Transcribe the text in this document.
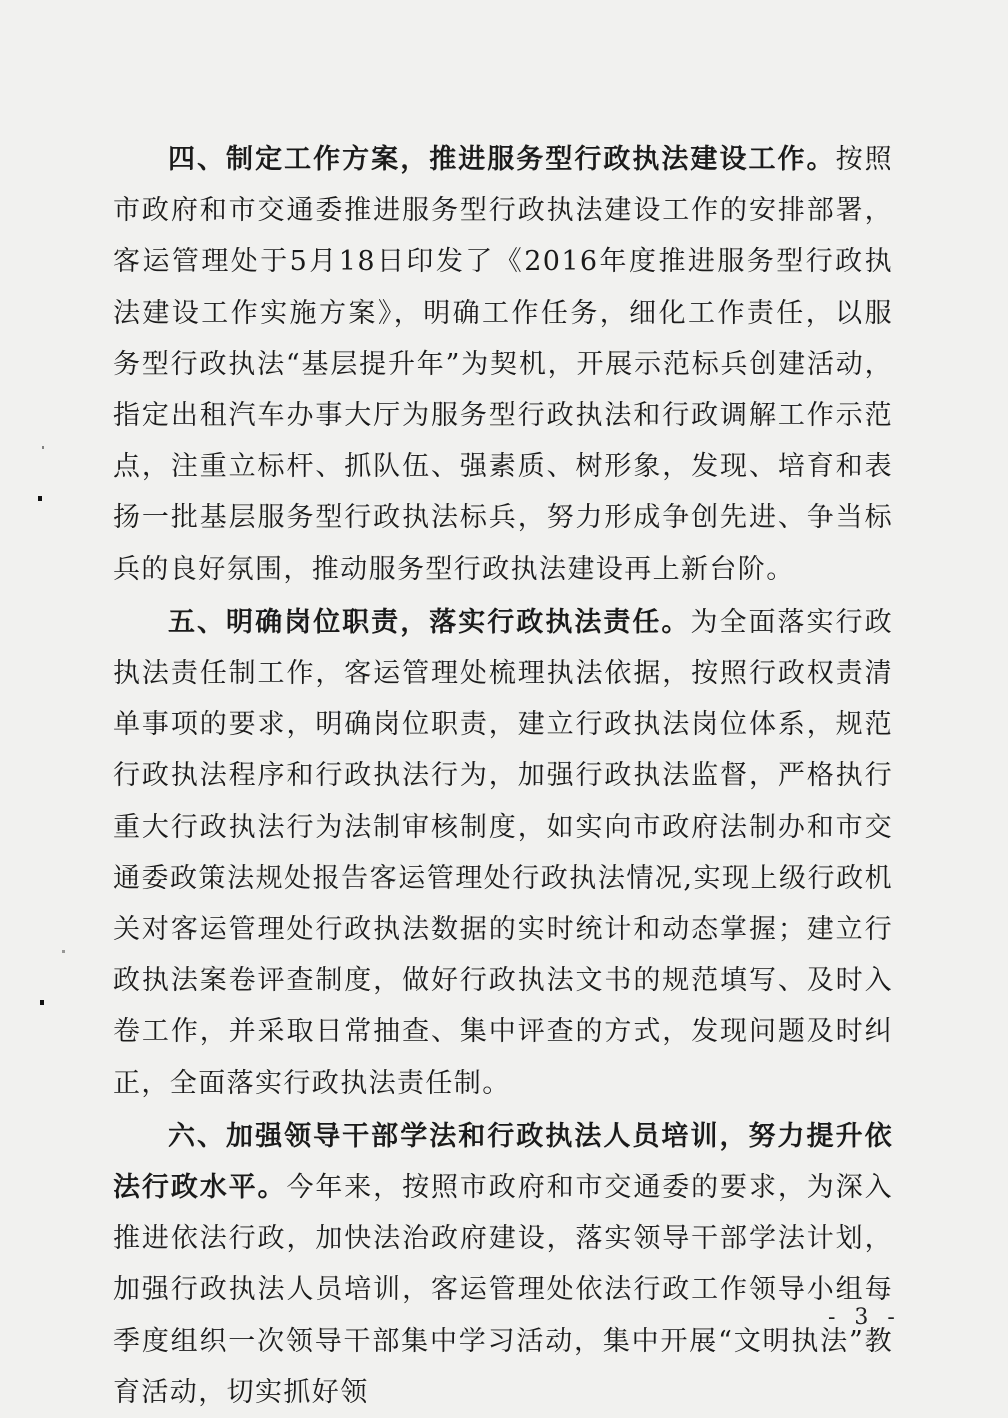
四、制定工作方案，推进服务型行政执法建设工作。按照市政府和市交通委推进服务型行政执法建设工作的安排部署，客运管理处于5月18日印发了《2016年度推进服务型行政执法建设工作实施方案》，明确工作任务，细化工作责任，以服务型行政执法“基层提升年”为契机，开展示范标兵创建活动，指定出租汽车办事大厅为服务型行政执法和行政调解工作示范点，注重立标杆、抓队伍、强素质、树形象，发现、培育和表扬一批基层服务型行政执法标兵，努力形成争创先进、争当标兵的良好氛围，推动服务型行政执法建设再上新台阶。

五、明确岗位职责，落实行政执法责任。为全面落实行政执法责任制工作，客运管理处梳理执法依据，按照行政权责清单事项的要求，明确岗位职责，建立行政执法岗位体系，规范行政执法程序和行政执法行为，加强行政执法监督，严格执行重大行政执法行为法制审核制度，如实向市政府法制办和市交通委政策法规处报告客运管理处行政执法情况,实现上级行政机关对客运管理处行政执法数据的实时统计和动态掌握；建立行政执法案卷评查制度，做好行政执法文书的规范填写、及时入卷工作，并采取日常抽查、集中评查的方式，发现问题及时纠正，全面落实行政执法责任制。

六、加强领导干部学法和行政执法人员培训，努力提升依法行政水平。今年来，按照市政府和市交通委的要求，为深入推进依法行政，加快法治政府建设，落实领导干部学法计划，加强行政执法人员培训，客运管理处依法行政工作领导小组每季度组织一次领导干部集中学习活动，集中开展“文明执法”教育活动，切实抓好领

- 3 -
